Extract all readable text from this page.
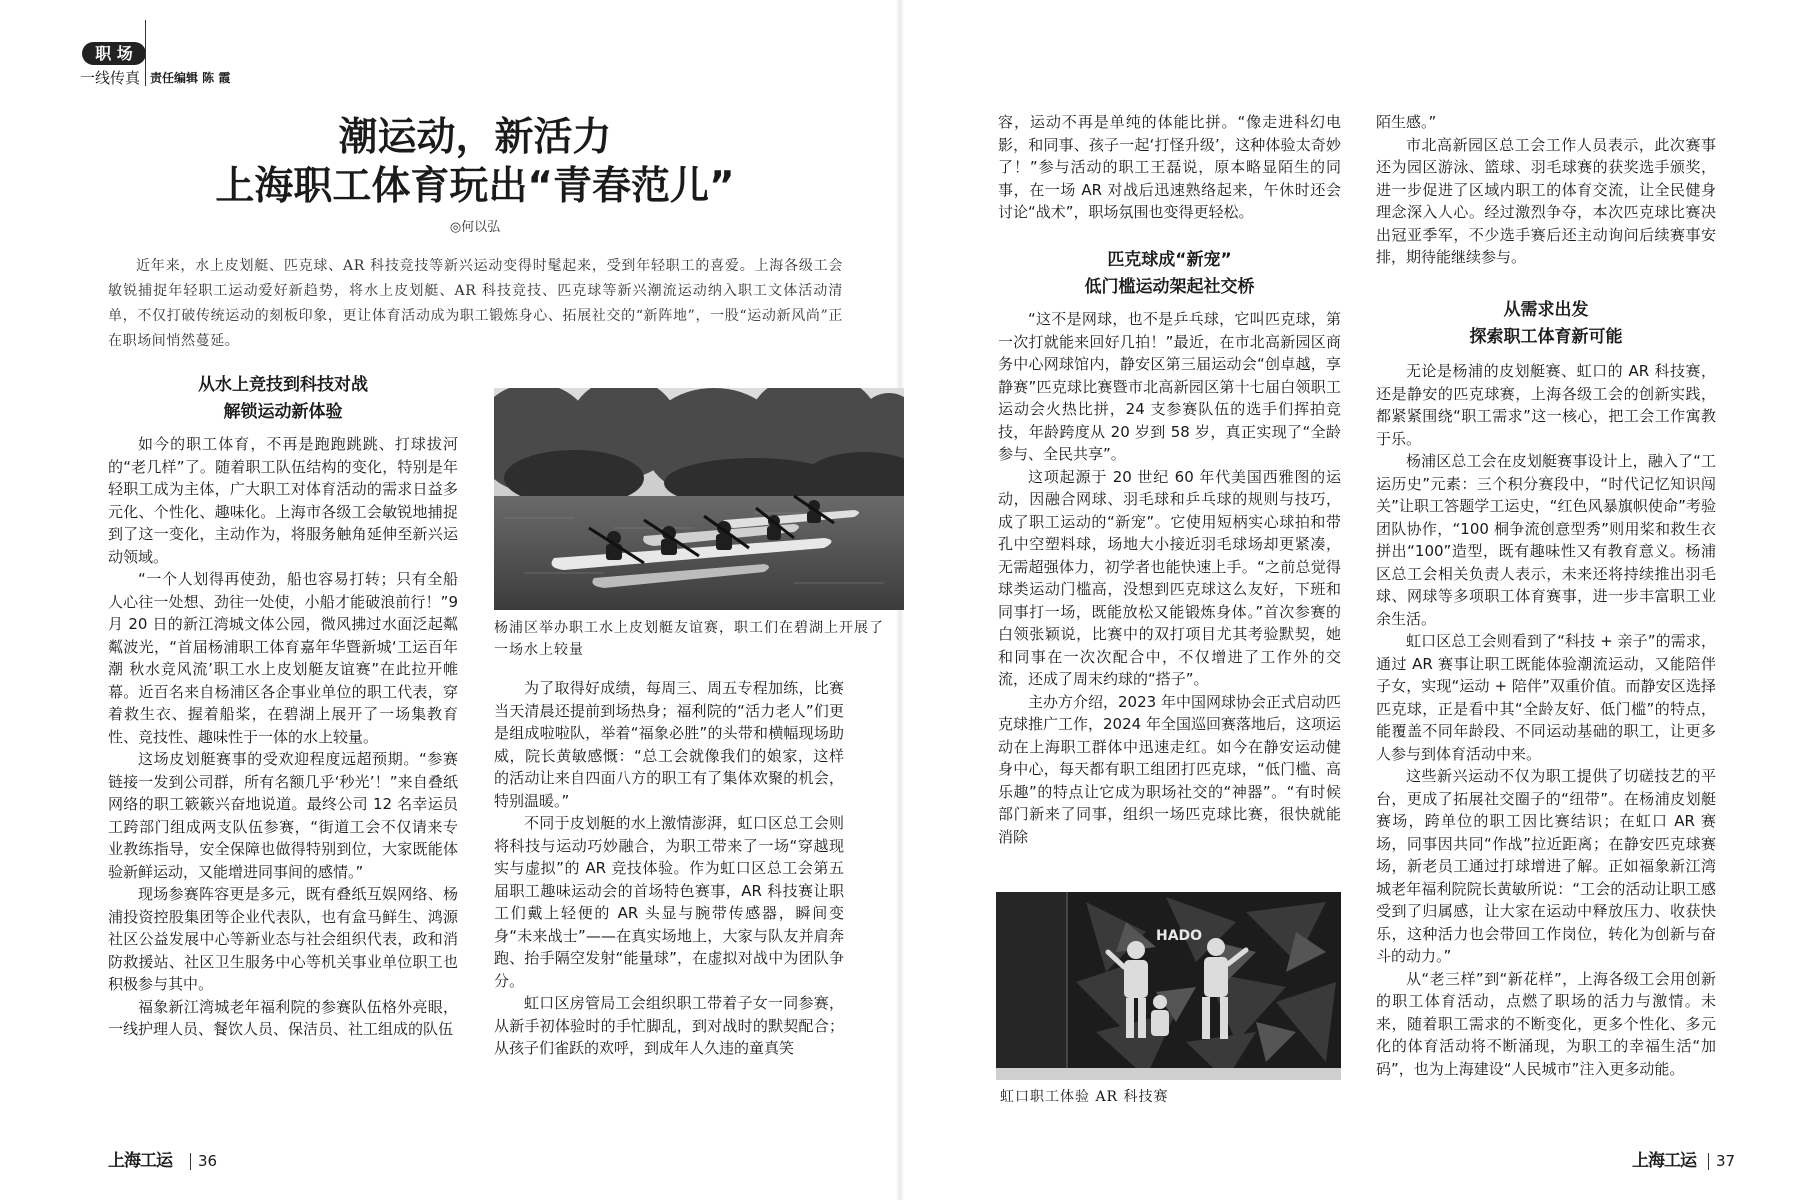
职 场
一线传真 责任编辑 陈 霞
潮运动，新活力
上海职工体育玩出“青春范儿”
◎何以弘
近年来，水上皮划艇、匹克球、AR 科技竞技等新兴运动变得时髦起来，受到年轻职工的喜爱。上海各级工会敏锐捕捉年轻职工运动爱好新趋势，将水上皮划艇、AR 科技竞技、匹克球等新兴潮流运动纳入职工文体活动清单，不仅打破传统运动的刻板印象，更让体育活动成为职工锻炼身心、拓展社交的“新阵地”，一股“运动新风尚”正在职场间悄然蔓延。
从水上竞技到科技对战
解锁运动新体验

如今的职工体育，不再是跑跑跳跳、打球拔河的“老几样”了。随着职工队伍结构的变化，特别是年轻职工成为主体，广大职工对体育活动的需求日益多元化、个性化、趣味化。上海市各级工会敏锐地捕捉到了这一变化，主动作为，将服务触角延伸至新兴运动领域。

“一个人划得再使劲，船也容易打转；只有全船人心往一处想、劲往一处使，小船才能破浪前行！”9 月 20 日的新江湾城文体公园，微风拂过水面泛起粼粼波光，“首届杨浦职工体育嘉年华暨新城‘工运百年潮 秋水竞风流’职工水上皮划艇友谊赛”在此拉开帷幕。近百名来自杨浦区各企事业单位的职工代表，穿着救生衣、握着船桨，在碧湖上展开了一场集教育性、竞技性、趣味性于一体的水上较量。

这场皮划艇赛事的受欢迎程度远超预期。“参赛链接一发到公司群，所有名额几乎‘秒光’！”来自叠纸网络的职工簌簌兴奋地说道。最终公司 12 名幸运员工跨部门组成两支队伍参赛，“街道工会不仅请来专业教练指导，安全保障也做得特别到位，大家既能体验新鲜运动，又能增进同事间的感情。”

现场参赛阵容更是多元，既有叠纸互娱网络、杨浦投资控股集团等企业代表队，也有盒马鲜生、鸿源社区公益发展中心等新业态与社会组织代表，政和消防救援站、社区卫生服务中心等机关事业单位职工也积极参与其中。

福象新江湾城老年福利院的参赛队伍格外亮眼，一线护理人员、餐饮人员、保洁员、社工组成的队伍

杨浦区举办职工水上皮划艇友谊赛，职工们在碧湖上开展了一场水上较量

为了取得好成绩，每周三、周五专程加练，比赛当天清晨还提前到场热身；福利院的“活力老人”们更是组成啦啦队，举着“福象必胜”的头带和横幅现场助威，院长黄敏感慨：“总工会就像我们的娘家，这样的活动让来自四面八方的职工有了集体欢聚的机会，特别温暖。”

不同于皮划艇的水上激情澎湃，虹口区总工会则将科技与运动巧妙融合，为职工带来了一场“穿越现实与虚拟”的 AR 竞技体验。作为虹口区总工会第五届职工趣味运动会的首场特色赛事，AR 科技赛让职工们戴上轻便的 AR 头显与腕带传感器，瞬间变身“未来战士”——在真实场地上，大家与队友并肩奔跑、抬手隔空发射“能量球”，在虚拟对战中为团队争分。

虹口区房管局工会组织职工带着子女一同参赛，从新手初体验时的手忙脚乱，到对战时的默契配合；从孩子们雀跃的欢呼，到成年人久违的童真笑

容，运动不再是单纯的体能比拼。“像走进科幻电影，和同事、孩子一起‘打怪升级’，这种体验太奇妙了！”参与活动的职工王磊说，原本略显陌生的同事，在一场 AR 对战后迅速熟络起来，午休时还会讨论“战术”，职场氛围也变得更轻松。

匹克球成“新宠”
低门槛运动架起社交桥

“这不是网球，也不是乒乓球，它叫匹克球，第一次打就能来回好几拍！”最近，在市北高新园区商务中心网球馆内，静安区第三届运动会“创卓越，享静赛”匹克球比赛暨市北高新园区第十七届白领职工运动会火热比拼，24 支参赛队伍的选手们挥拍竞技，年龄跨度从 20 岁到 58 岁，真正实现了“全龄参与、全民共享”。

这项起源于 20 世纪 60 年代美国西雅图的运动，因融合网球、羽毛球和乒乓球的规则与技巧，成了职工运动的“新宠”。它使用短柄实心球拍和带孔中空塑料球，场地大小接近羽毛球场却更紧凑，无需超强体力，初学者也能快速上手。“之前总觉得球类运动门槛高，没想到匹克球这么友好，下班和同事打一场，既能放松又能锻炼身体。”首次参赛的白领张颖说，比赛中的双打项目尤其考验默契，她和同事在一次次配合中，不仅增进了工作外的交流，还成了周末约球的“搭子”。

主办方介绍，2023 年中国网球协会正式启动匹克球推广工作，2024 年全国巡回赛落地后，这项运动在上海职工群体中迅速走红。如今在静安运动健身中心，每天都有职工组团打匹克球，“低门槛、高乐趣”的特点让它成为职场社交的“神器”。“有时候部门新来了同事，组织一场匹克球比赛，很快就能消除

HADO
虹口职工体验 AR 科技赛

陌生感。”

市北高新园区总工会工作人员表示，此次赛事还为园区游泳、篮球、羽毛球赛的获奖选手颁奖，进一步促进了区域内职工的体育交流，让全民健身理念深入人心。经过激烈争夺，本次匹克球比赛决出冠亚季军，不少选手赛后还主动询问后续赛事安排，期待能继续参与。

从需求出发
探索职工体育新可能

无论是杨浦的皮划艇赛、虹口的 AR 科技赛，还是静安的匹克球赛，上海各级工会的创新实践，都紧紧围绕“职工需求”这一核心，把工会工作寓教于乐。

杨浦区总工会在皮划艇赛事设计上，融入了“工运历史”元素：三个积分赛段中，“时代记忆知识闯关”让职工答题学工运史，“红色风暴旗帜使命”考验团队协作，“100 桐争流创意型秀”则用桨和救生衣拼出“100”造型，既有趣味性又有教育意义。杨浦区总工会相关负责人表示，未来还将持续推出羽毛球、网球等多项职工体育赛事，进一步丰富职工业余生活。

虹口区总工会则看到了“科技 + 亲子”的需求，通过 AR 赛事让职工既能体验潮流运动，又能陪伴子女，实现“运动 + 陪伴”双重价值。而静安区选择匹克球，正是看中其“全龄友好、低门槛”的特点，能覆盖不同年龄段、不同运动基础的职工，让更多人参与到体育活动中来。

这些新兴运动不仅为职工提供了切磋技艺的平台，更成了拓展社交圈子的“纽带”。在杨浦皮划艇赛场，跨单位的职工因比赛结识；在虹口 AR 赛场，同事因共同“作战”拉近距离；在静安匹克球赛场，新老员工通过打球增进了解。正如福象新江湾城老年福利院院长黄敏所说：“工会的活动让职工感受到了归属感，让大家在运动中释放压力、收获快乐，这种活力也会带回工作岗位，转化为创新与奋斗的动力。”

从“老三样”到“新花样”，上海各级工会用创新的职工体育活动，点燃了职场的活力与激情。未来，随着职工需求的不断变化，更多个性化、多元化的体育活动将不断涌现，为职工的幸福生活“加码”，也为上海建设“人民城市”注入更多动能。

上海工运 36	上海工运 37
